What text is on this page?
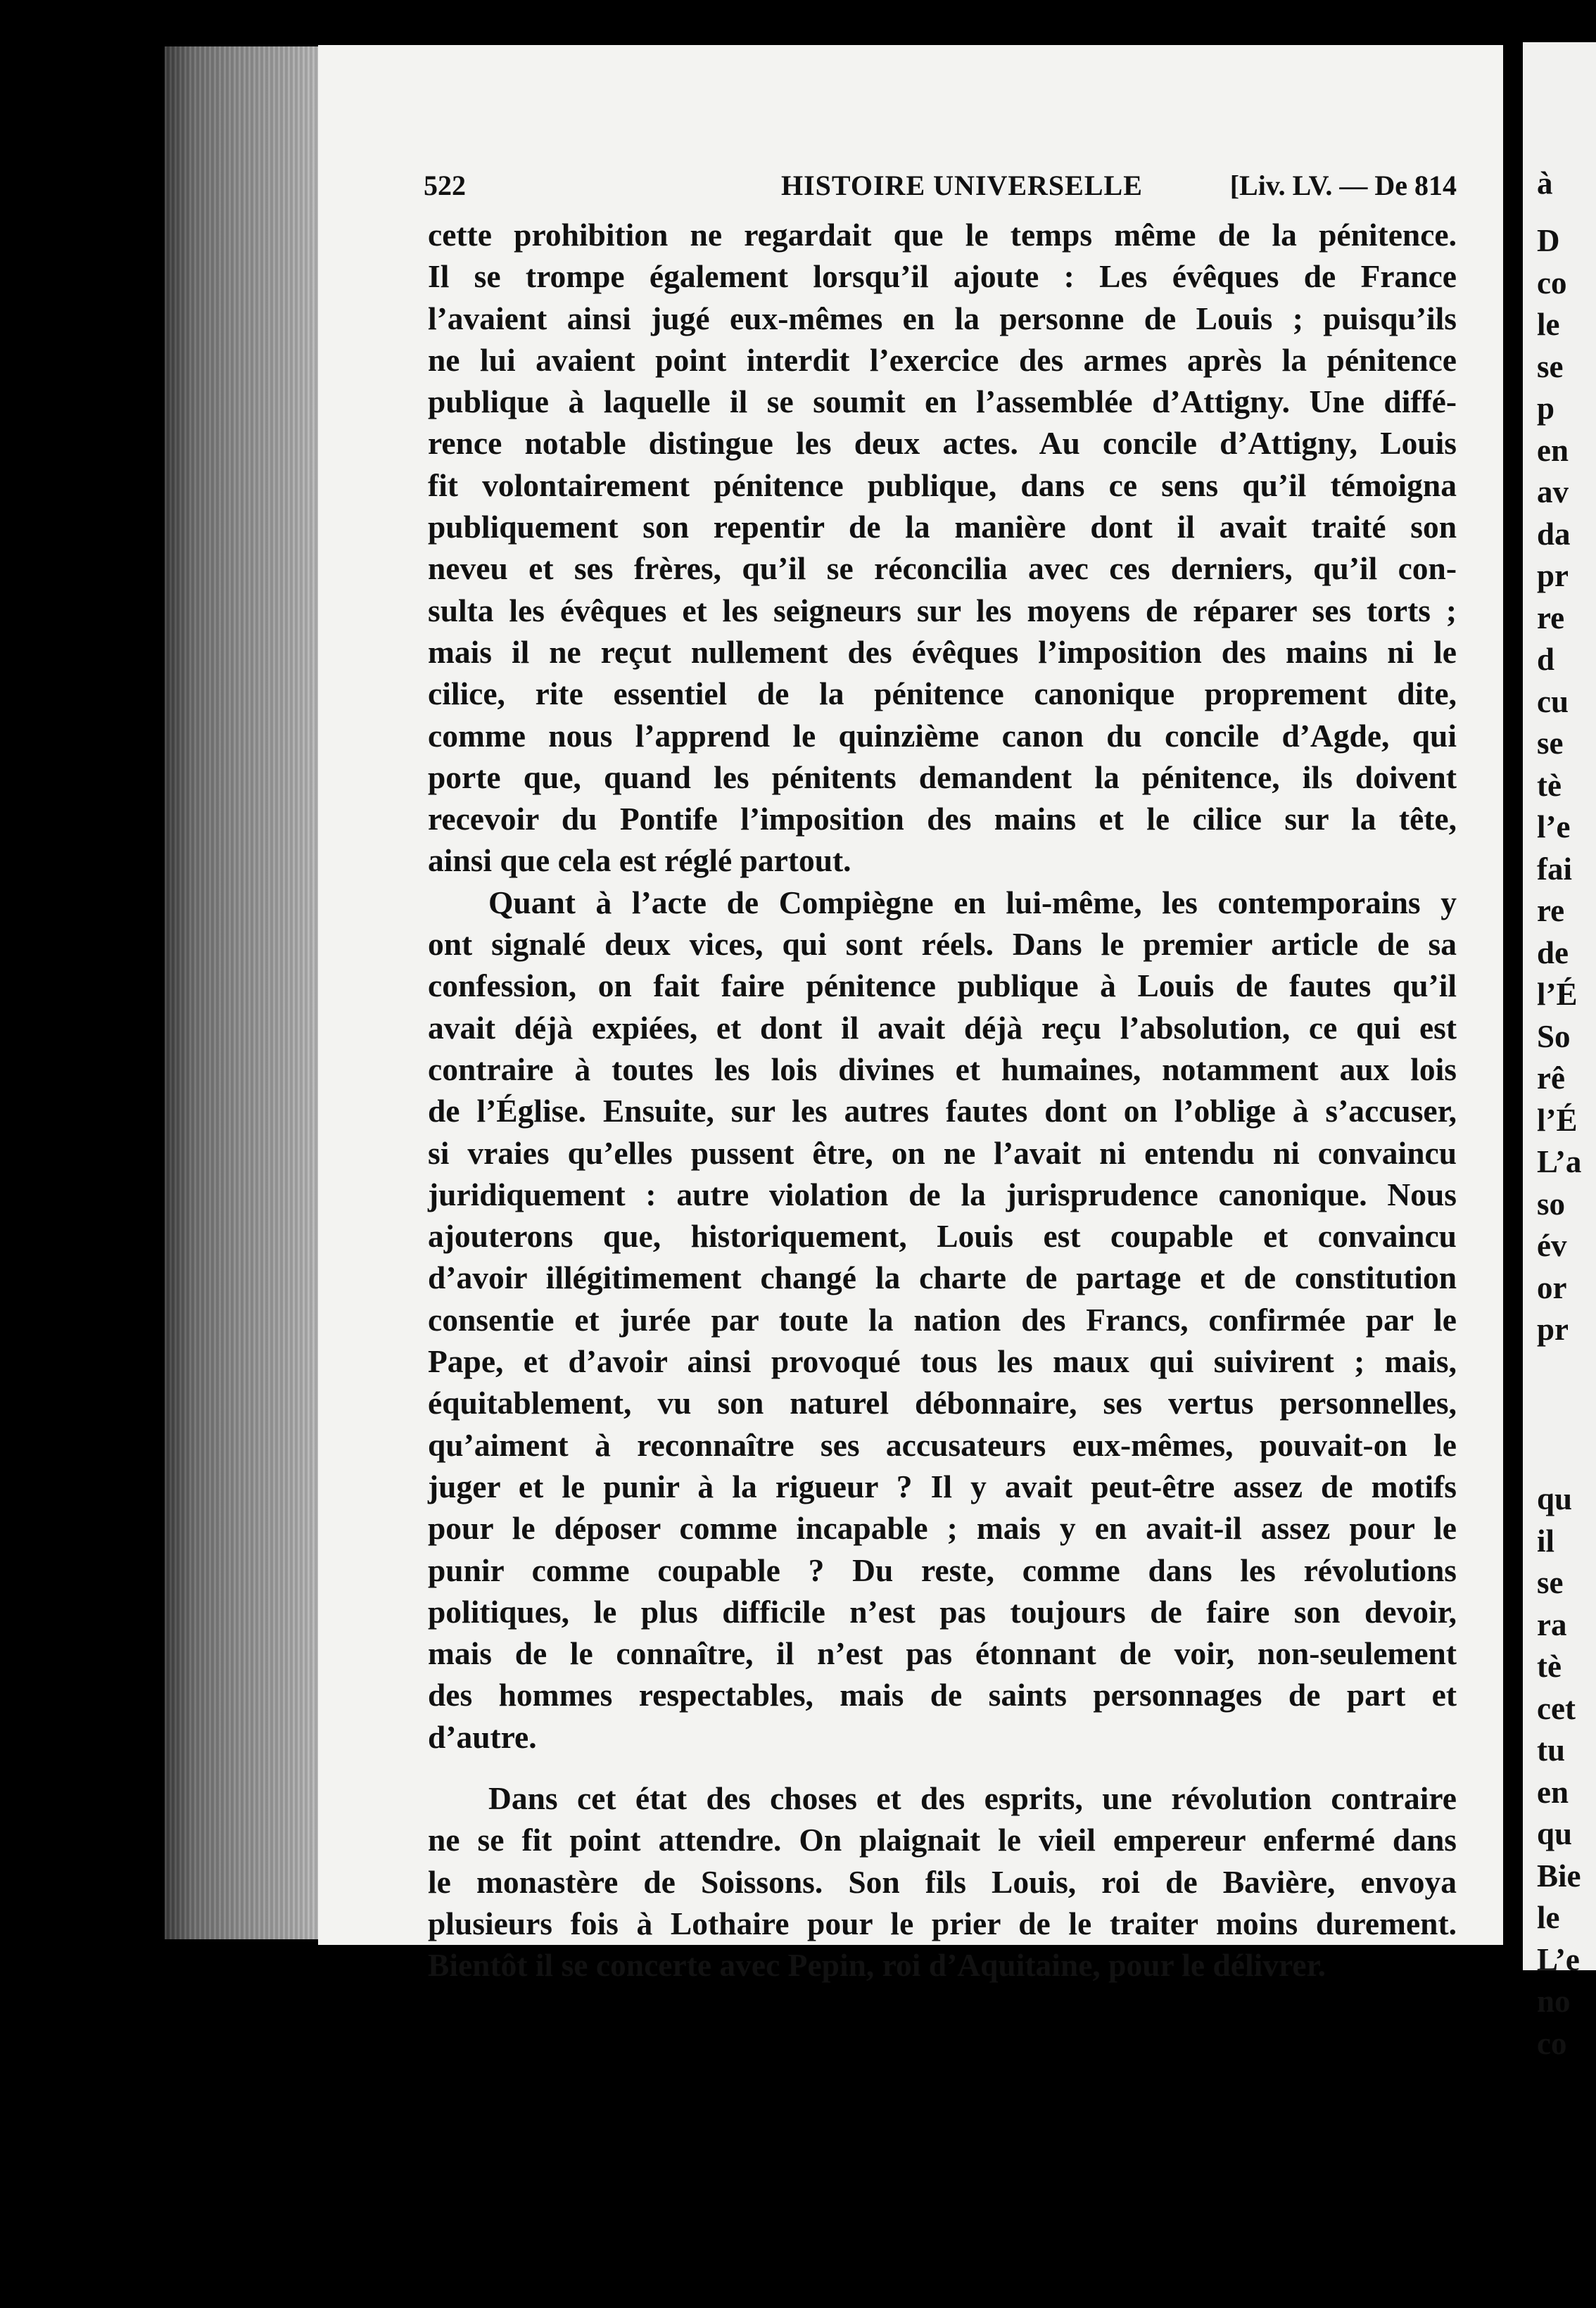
522	HISTOIRE UNIVERSELLE	[Liv. LV. — De 814
cette prohibition ne regardait que le temps même de la pénitence.
Il se trompe également lorsqu’il ajoute : Les évêques de France
l’avaient ainsi jugé eux-mêmes en la personne de Louis ; puisqu’ils
ne lui avaient point interdit l’exercice des armes après la pénitence
publique à laquelle il se soumit en l’assemblée d’Attigny. Une diffé-
rence notable distingue les deux actes. Au concile d’Attigny, Louis
fit volontairement pénitence publique, dans ce sens qu’il témoigna
publiquement son repentir de la manière dont il avait traité son
neveu et ses frères, qu’il se réconcilia avec ces derniers, qu’il con-
sulta les évêques et les seigneurs sur les moyens de réparer ses torts ;
mais il ne reçut nullement des évêques l’imposition des mains ni le
cilice, rite essentiel de la pénitence canonique proprement dite,
comme nous l’apprend le quinzième canon du concile d’Agde, qui
porte que, quand les pénitents demandent la pénitence, ils doivent
recevoir du Pontife l’imposition des mains et le cilice sur la tête,
ainsi que cela est réglé partout.
Quant à l’acte de Compiègne en lui-même, les contemporains y
ont signalé deux vices, qui sont réels. Dans le premier article de sa
confession, on fait faire pénitence publique à Louis de fautes qu’il
avait déjà expiées, et dont il avait déjà reçu l’absolution, ce qui est
contraire à toutes les lois divines et humaines, notamment aux lois
de l’Église. Ensuite, sur les autres fautes dont on l’oblige à s’accuser,
si vraies qu’elles pussent être, on ne l’avait ni entendu ni convaincu
juridiquement : autre violation de la jurisprudence canonique. Nous
ajouterons que, historiquement, Louis est coupable et convaincu
d’avoir illégitimement changé la charte de partage et de constitution
consentie et jurée par toute la nation des Francs, confirmée par le
Pape, et d’avoir ainsi provoqué tous les maux qui suivirent ; mais,
équitablement, vu son naturel débonnaire, ses vertus personnelles,
qu’aiment à reconnaître ses accusateurs eux-mêmes, pouvait-on le
juger et le punir à la rigueur ? Il y avait peut-être assez de motifs
pour le déposer comme incapable ; mais y en avait-il assez pour le
punir comme coupable ? Du reste, comme dans les révolutions
politiques, le plus difficile n’est pas toujours de faire son devoir,
mais de le connaître, il n’est pas étonnant de voir, non-seulement
des hommes respectables, mais de saints personnages de part et
d’autre.
Dans cet état des choses et des esprits, une révolution contraire
ne se fit point attendre. On plaignait le vieil empereur enfermé dans
le monastère de Soissons. Son fils Louis, roi de Bavière, envoya
plusieurs fois à Lothaire pour le prier de le traiter moins durement.
Bientôt il se concerte avec Pepin, roi d’Aquitaine, pour le délivrer.
à
D
co
le
se
p
en
av
da
pr
re
d
cu
se
tè
l’e
fai
re
de
l’É
So
rê
l’É
L’a
so
év
or
pr
qu
il
se
ra
tè
cet
tu
en
qu
Bie
le
L’e
no
co
